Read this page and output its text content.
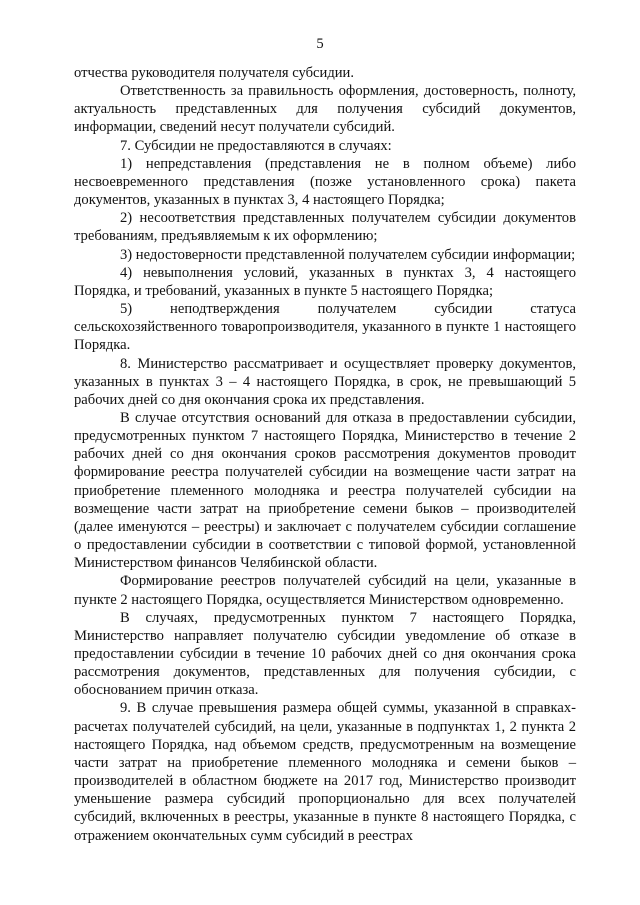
5

отчества руководителя получателя субсидии.

Ответственность за правильность оформления, достоверность, полноту, актуальность представленных для получения субсидий документов, информации, сведений несут получатели субсидий.

7. Субсидии не предоставляются в случаях:

1) непредставления (представления не в полном объеме) либо несвоевременного представления (позже установленного срока) пакета документов, указанных в пунктах 3, 4 настоящего Порядка;

2) несоответствия представленных получателем субсидии документов требованиям, предъявляемым к их оформлению;

3) недостоверности представленной получателем субсидии информации;

4) невыполнения условий, указанных в пунктах 3, 4 настоящего Порядка, и требований, указанных в пункте 5 настоящего Порядка;

5) неподтверждения получателем субсидии статуса сельскохозяйственного товаропроизводителя, указанного в пункте 1 настоящего Порядка.

8. Министерство рассматривает и осуществляет проверку документов, указанных в пунктах 3 – 4 настоящего Порядка, в срок, не превышающий 5 рабочих дней со дня окончания срока их представления.

В случае отсутствия оснований для отказа в предоставлении субсидии, предусмотренных пунктом 7 настоящего Порядка, Министерство в течение 2 рабочих дней со дня окончания сроков рассмотрения документов проводит формирование реестра получателей субсидии на возмещение части затрат на приобретение племенного молодняка и реестра получателей субсидии на возмещение части затрат на приобретение семени быков – производителей (далее именуются – реестры) и заключает с получателем субсидии соглашение о предоставлении субсидии в соответствии с типовой формой, установленной Министерством финансов Челябинской области.

Формирование реестров получателей субсидий на цели, указанные в пункте 2 настоящего Порядка, осуществляется Министерством одновременно.

В случаях, предусмотренных пунктом 7 настоящего Порядка, Министерство направляет получателю субсидии уведомление об отказе в предоставлении субсидии в течение 10 рабочих дней со дня окончания срока рассмотрения документов, представленных для получения субсидии, с обоснованием причин отказа.

9. В случае превышения размера общей суммы, указанной в справках-расчетах получателей субсидий, на цели, указанные в подпунктах 1, 2 пункта 2 настоящего Порядка, над объемом средств, предусмотренным на возмещение части затрат на приобретение племенного молодняка и семени быков – производителей в областном бюджете на 2017 год, Министерство производит уменьшение размера субсидий пропорционально для всех получателей субсидий, включенных в реестры, указанные в пункте 8 настоящего Порядка, с отражением окончательных сумм субсидий в реестрах
